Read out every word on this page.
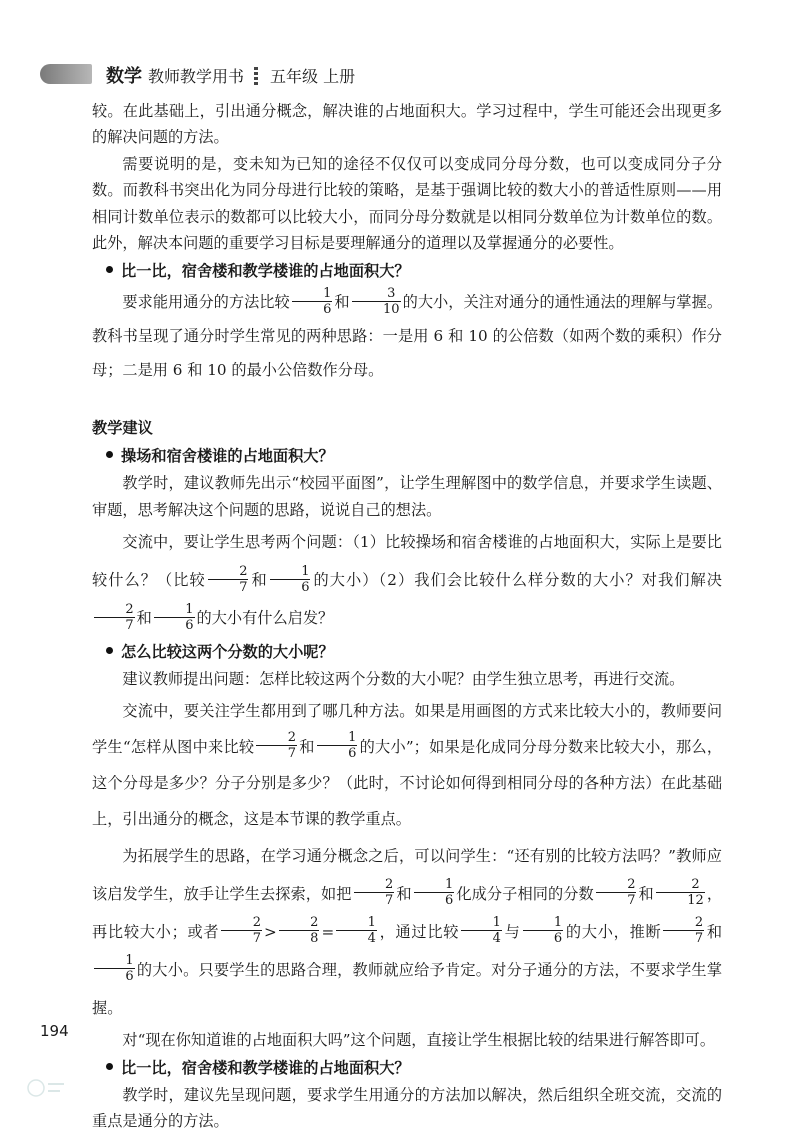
数学 教师教学用书 五年级 上册

较。在此基础上，引出通分概念，解决谁的占地面积大。学习过程中，学生可能还会出现更多的解决问题的方法。

需要说明的是，变未知为已知的途径不仅仅可以变成同分母分数，也可以变成同分子分数。而教科书突出化为同分母进行比较的策略，是基于强调比较的数大小的普适性原则——用相同计数单位表示的数都可以比较大小，而同分母分数就是以相同分数单位为计数单位的数。此外，解决本问题的重要学习目标是要理解通分的道理以及掌握通分的必要性。

比一比，宿舍楼和教学楼谁的占地面积大？

要求能用通分的方法比较 $\frac{1}{6}$ 和 $\frac{3}{10}$ 的大小，关注对通分的通性通法的理解与掌握。教科书呈现了通分时学生常见的两种思路：一是用 6 和 10 的公倍数（如两个数的乘积）作分母；二是用 6 和 10 的最小公倍数作分母。

教学建议
操场和宿舍楼谁的占地面积大？

教学时，建议教师先出示“校园平面图”，让学生理解图中的数学信息，并要求学生读题、审题，思考解决这个问题的思路，说说自己的想法。

交流中，要让学生思考两个问题：（1）比较操场和宿舍楼谁的占地面积大，实际上是要比较什么？（比较 $\frac{2}{7}$ 和 $\frac{1}{6}$ 的大小）（2）我们会比较什么样分数的大小？对我们解决
$\frac{2}{7}$ 和 $\frac{1}{6}$ 的大小有什么启发？

怎么比较这两个分数的大小呢？

建议教师提出问题：怎样比较这两个分数的大小呢？由学生独立思考，再进行交流。

交流中，要关注学生都用到了哪几种方法。如果是用画图的方式来比较大小的，教师要问学生“怎样从图中来比较 $\frac{2}{7}$ 和 $\frac{1}{6}$ 的大小”；如果是化成同分母分数来比较大小，那么，这个分母是多少？分子分别是多少？（此时，不讨论如何得到相同分母的各种方法）在此基础上，引出通分的概念，这是本节课的教学重点。

为拓展学生的思路，在学习通分概念之后，可以问学生：“还有别的比较方法吗？”教师应该启发学生，放手让学生去探索，如把 $\frac{2}{7}$ 和 $\frac{1}{6}$ 化成分子相同的分数 $\frac{2}{7}$ 和 $\frac{2}{12}$ ，再比较大小；或者 $\frac{2}{7} > \frac{2}{8} = \frac{1}{4}$ ，通过比较 $\frac{1}{4}$ 与 $\frac{1}{6}$ 的大小，推断 $\frac{2}{7}$ 和
$\frac{1}{6}$ 的大小。只要学生的思路合理，教师就应给予肯定。对分子通分的方法，不要求学生掌握。

对“现在你知道谁的占地面积大吗”这个问题，直接让学生根据比较的结果进行解答即可。

比一比，宿舍楼和教学楼谁的占地面积大？

教学时，建议先呈现问题，要求学生用通分的方法加以解决，然后组织全班交流，交流的重点是通分的方法。

194
